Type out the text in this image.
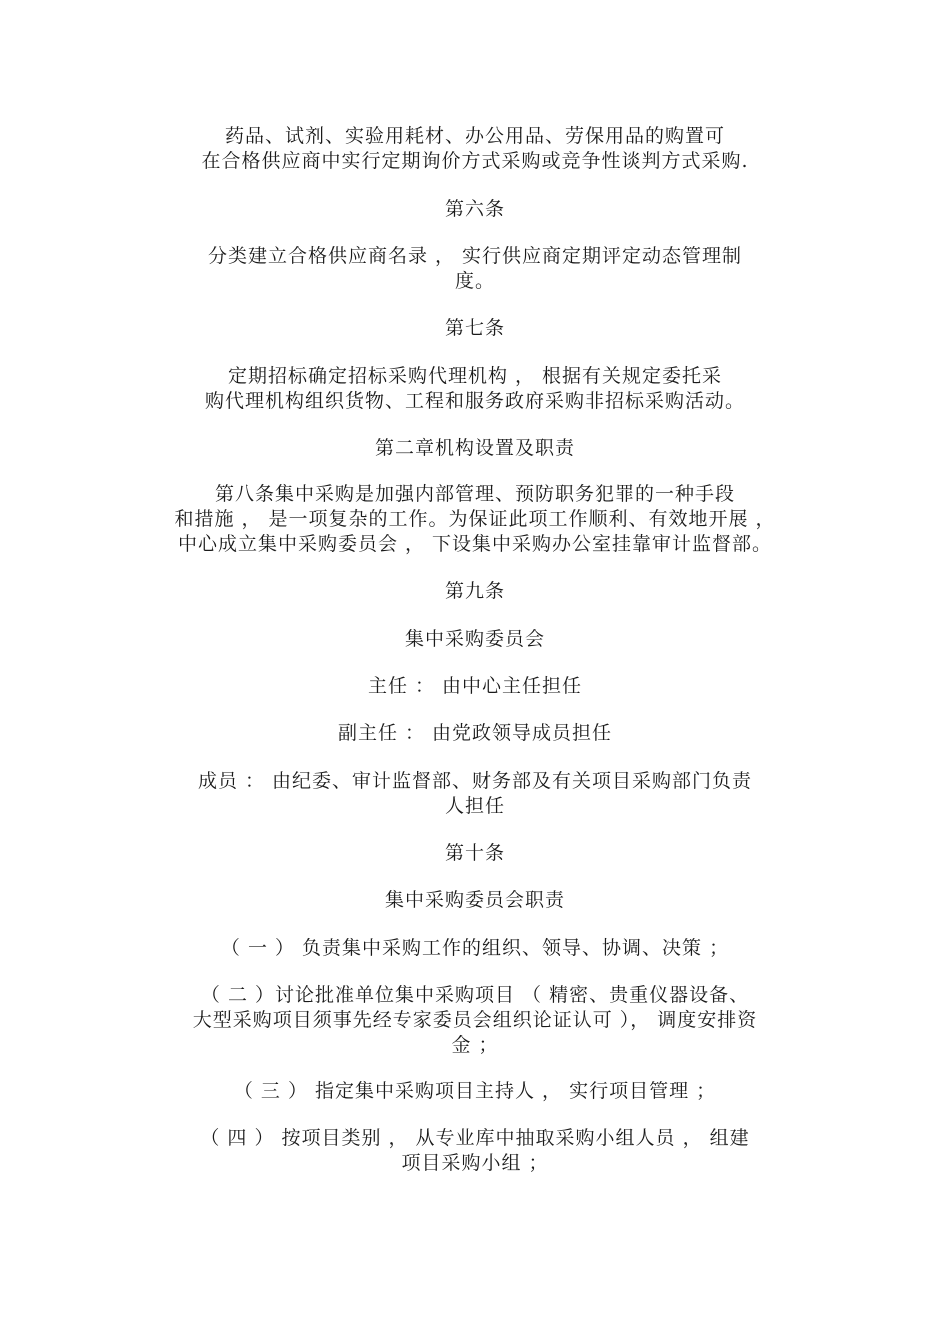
药品、试剂、实验用耗材、办公用品、劳保用品的购置可
在合格供应商中实行定期询价方式采购或竞争性谈判方式采购.
第六条
分类建立合格供应商名录 ， 实行供应商定期评定动态管理制
度。
第七条
定期招标确定招标采购代理机构 ， 根据有关规定委托采
购代理机构组织货物、工程和服务政府采购非招标采购活动。
第二章机构设置及职责
第八条集中采购是加强内部管理、预防职务犯罪的一种手段
和措施 ， 是一项复杂的工作。为保证此项工作顺利、有效地开展 ，
中心成立集中采购委员会 ， 下设集中采购办公室挂靠审计监督部。
第九条
集中采购委员会
主任 ： 由中心主任担任
副主任 ： 由党政领导成员担任
成员 ： 由纪委、审计监督部、财务部及有关项目采购部门负责
人担任
第十条
集中采购委员会职责
（ 一 ） 负责集中采购工作的组织、领导、协调、决策 ；
（ 二 ）讨论批准单位集中采购项目 （ 精密、贵重仪器设备、
大型采购项目须事先经专家委员会组织论证认可 ）， 调度安排资
金 ；
（ 三 ） 指定集中采购项目主持人 ， 实行项目管理 ；
（ 四 ） 按项目类别 ， 从专业库中抽取采购小组人员 ， 组建
项目采购小组 ；
